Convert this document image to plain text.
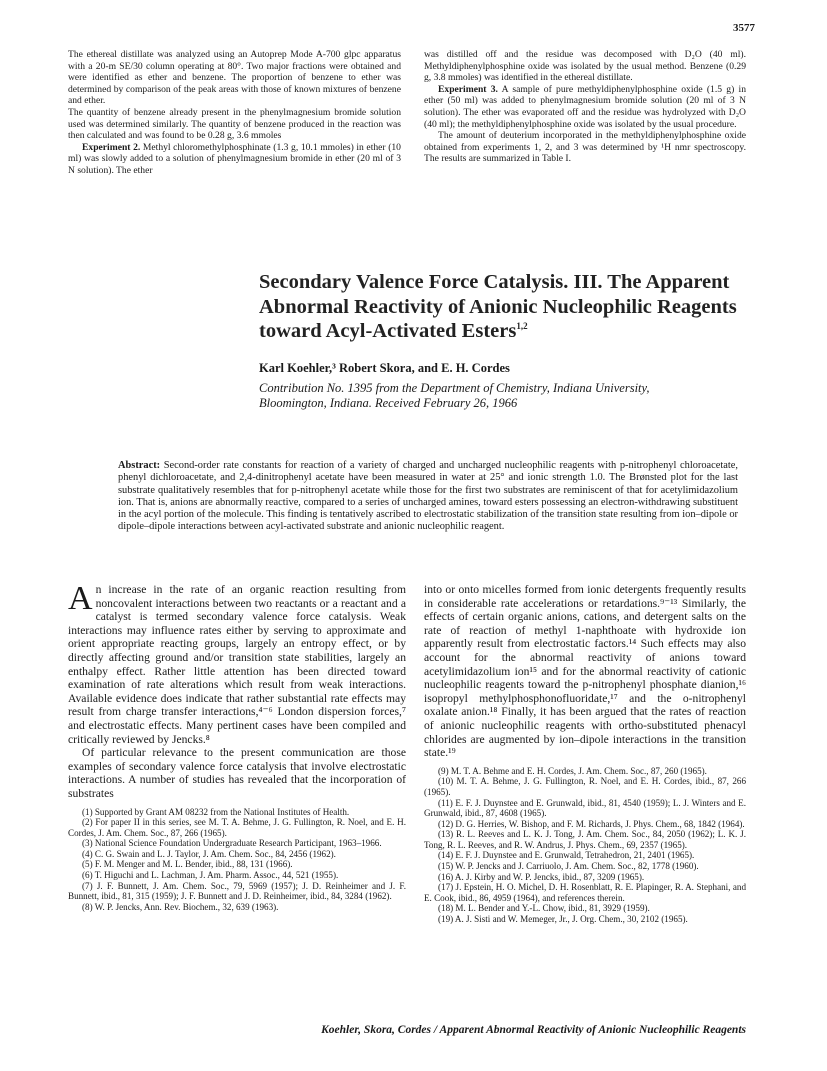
3577

The ethereal distillate was analyzed using an Autoprep Mode A-700 glpc apparatus with a 20-m SE/30 column operating at 80°. Two major fractions were obtained and were identified as ether and benzene. The proportion of benzene to ether was determined by comparison of the peak areas with those of known mixtures of benzene and ether.

The quantity of benzene already present in the phenylmagnesium bromide solution used was determined similarly. The quantity of benzene produced in the reaction was then calculated and was found to be 0.28 g, 3.6 mmoles

Experiment 2. Methyl chloromethylphosphinate (1.3 g, 10.1 mmoles) in ether (10 ml) was slowly added to a solution of phenylmagnesium bromide in ether (20 ml of 3 N solution). The ether

was distilled off and the residue was decomposed with D₂O (40 ml). Methyldiphenylphosphine oxide was isolated by the usual method. Benzene (0.29 g, 3.8 mmoles) was identified in the ethereal distillate.

Experiment 3. A sample of pure methyldiphenylphosphine oxide (1.5 g) in ether (50 ml) was added to phenylmagnesium bromide solution (20 ml of 3 N solution). The ether was evaporated off and the residue was hydrolyzed with D₂O (40 ml); the methyldiphenylphosphine oxide was isolated by the usual procedure.

The amount of deuterium incorporated in the methyldiphenylphosphine oxide obtained from experiments 1, 2, and 3 was determined by ¹H nmr spectroscopy. The results are summarized in Table I.

Secondary Valence Force Catalysis. III. The Apparent Abnormal Reactivity of Anionic Nucleophilic Reagents toward Acyl-Activated Esters$^{1,2}$

Karl Koehler,³ Robert Skora, and E. H. Cordes

Contribution No. 1395 from the Department of Chemistry, Indiana University,
Bloomington, Indiana. Received February 26, 1966

Abstract: Second-order rate constants for reaction of a variety of charged and uncharged nucleophilic reagents with p-nitrophenyl chloroacetate, phenyl dichloroacetate, and 2,4-dinitrophenyl acetate have been measured in water at 25° and ionic strength 1.0. The Brønsted plot for the last substrate qualitatively resembles that for p-nitrophenyl acetate while those for the first two substrates are reminiscent of that for acetylimidazolium ion. That is, anions are abnormally reactive, compared to a series of uncharged amines, toward esters possessing an electron-withdrawing substituent in the acyl portion of the molecule. This finding is tentatively ascribed to electrostatic stabilization of the transition state resulting from ion–dipole or dipole–dipole interactions between acyl-activated substrate and anionic nucleophilic reagent.

An increase in the rate of an organic reaction resulting from noncovalent interactions between two reactants or a reactant and a catalyst is termed secondary valence force catalysis. Weak interactions may influence rates either by serving to approximate and orient appropriate reacting groups, largely an entropy effect, or by directly affecting ground and/or transition state stabilities, largely an enthalpy effect. Rather little attention has been directed toward examination of rate alterations which result from weak interactions. Available evidence does indicate that rather substantial rate effects may result from charge transfer interactions,⁴⁻⁶ London dispersion forces,⁷ and electrostatic effects. Many pertinent cases have been compiled and critically reviewed by Jencks.⁸

Of particular relevance to the present communication are those examples of secondary valence force catalysis that involve electrostatic interactions. A number of studies has revealed that the incorporation of substrates

(1) Supported by Grant AM 08232 from the National Institutes of Health.

(2) For paper II in this series, see M. T. A. Behme, J. G. Fullington, R. Noel, and E. H. Cordes, J. Am. Chem. Soc., 87, 266 (1965).

(3) National Science Foundation Undergraduate Research Participant, 1963–1966.

(4) C. G. Swain and L. J. Taylor, J. Am. Chem. Soc., 84, 2456 (1962).

(5) F. M. Menger and M. L. Bender, ibid., 88, 131 (1966).

(6) T. Higuchi and L. Lachman, J. Am. Pharm. Assoc., 44, 521 (1955).

(7) J. F. Bunnett, J. Am. Chem. Soc., 79, 5969 (1957); J. D. Reinheimer and J. F. Bunnett, ibid., 81, 315 (1959); J. F. Bunnett and J. D. Reinheimer, ibid., 84, 3284 (1962).

(8) W. P. Jencks, Ann. Rev. Biochem., 32, 639 (1963).

into or onto micelles formed from ionic detergents frequently results in considerable rate accelerations or retardations.⁹⁻¹³ Similarly, the effects of certain organic anions, cations, and detergent salts on the rate of reaction of methyl 1-naphthoate with hydroxide ion apparently result from electrostatic factors.¹⁴ Such effects may also account for the abnormal reactivity of anions toward acetylimidazolium ion¹⁵ and for the abnormal reactivity of cationic nucleophilic reagents toward the p-nitrophenyl phosphate dianion,¹⁶ isopropyl methylphosphonofluoridate,¹⁷ and the o-nitrophenyl oxalate anion.¹⁸ Finally, it has been argued that the rates of reaction of anionic nucleophilic reagents with ortho-substituted phenacyl chlorides are augmented by ion–dipole interactions in the transition state.¹⁹

(9) M. T. A. Behme and E. H. Cordes, J. Am. Chem. Soc., 87, 260 (1965).

(10) M. T. A. Behme, J. G. Fullington, R. Noel, and E. H. Cordes, ibid., 87, 266 (1965).

(11) E. F. J. Duynstee and E. Grunwald, ibid., 81, 4540 (1959); L. J. Winters and E. Grunwald, ibid., 87, 4608 (1965).

(12) D. G. Herries, W. Bishop, and F. M. Richards, J. Phys. Chem., 68, 1842 (1964).

(13) R. L. Reeves and L. K. J. Tong, J. Am. Chem. Soc., 84, 2050 (1962); L. K. J. Tong, R. L. Reeves, and R. W. Andrus, J. Phys. Chem., 69, 2357 (1965).

(14) E. F. J. Duynstee and E. Grunwald, Tetrahedron, 21, 2401 (1965).

(15) W. P. Jencks and J. Carriuolo, J. Am. Chem. Soc., 82, 1778 (1960).

(16) A. J. Kirby and W. P. Jencks, ibid., 87, 3209 (1965).

(17) J. Epstein, H. O. Michel, D. H. Rosenblatt, R. E. Plapinger, R. A. Stephani, and E. Cook, ibid., 86, 4959 (1964), and references therein.

(18) M. L. Bender and Y.-L. Chow, ibid., 81, 3929 (1959).

(19) A. J. Sisti and W. Memeger, Jr., J. Org. Chem., 30, 2102 (1965).

Koehler, Skora, Cordes / Apparent Abnormal Reactivity of Anionic Nucleophilic Reagents
